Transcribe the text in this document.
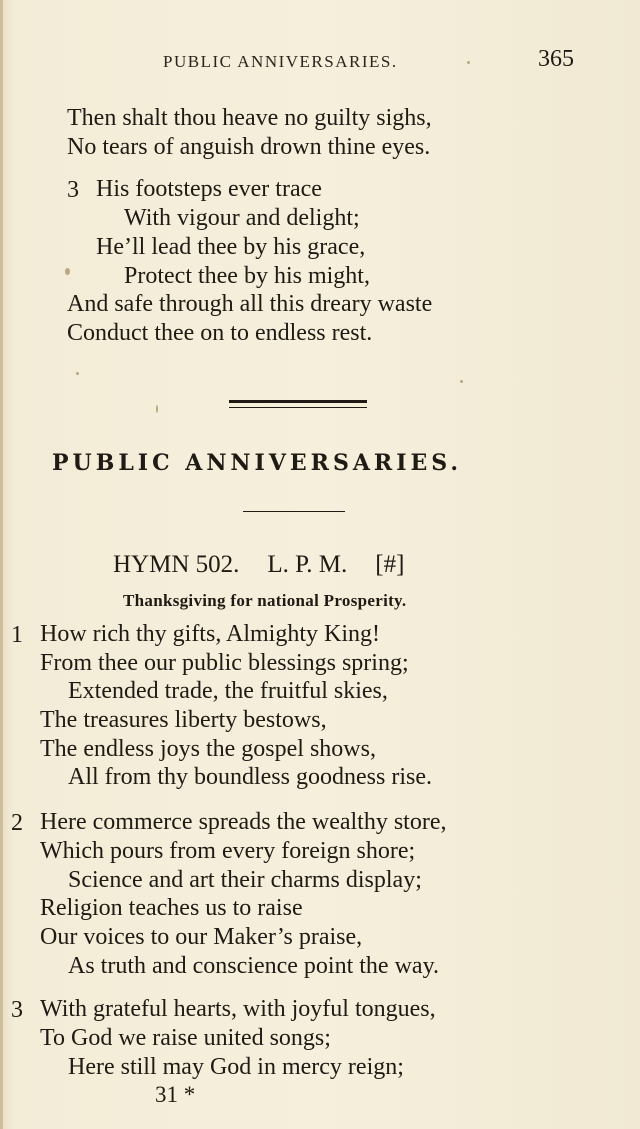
PUBLIC ANNIVERSARIES.	365
Then shalt thou heave no guilty sighs,
No tears of anguish drown thine eyes.
3 His footsteps ever trace
With vigour and delight;
He’ll lead thee by his grace,
Protect thee by his might,
And safe through all this dreary waste
Conduct thee on to endless rest.
PUBLIC ANNIVERSARIES.
HYMN 502. L. P. M. [#]
Thanksgiving for national Prosperity.
1 How rich thy gifts, Almighty King!
From thee our public blessings spring;
Extended trade, the fruitful skies,
The treasures liberty bestows,
The endless joys the gospel shows,
All from thy boundless goodness rise.
2 Here commerce spreads the wealthy store,
Which pours from every foreign shore;
Science and art their charms display;
Religion teaches us to raise
Our voices to our Maker’s praise,
As truth and conscience point the way.
3 With grateful hearts, with joyful tongues,
To God we raise united songs;
Here still may God in mercy reign;
31 *
